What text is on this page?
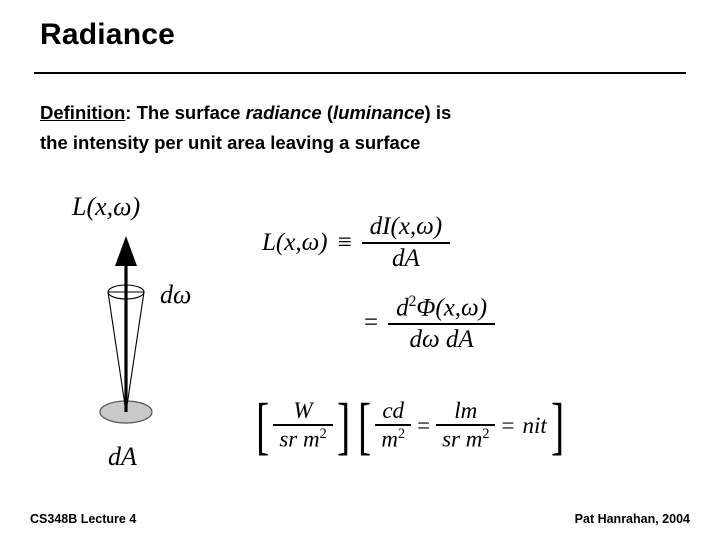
Radiance
Definition: The surface radiance (luminance) is
the intensity per unit area leaving a surface
L(x,ω)
dω
dA
$L(x,\omega) \equiv \frac{dI(x,\omega)}{dA}$
= $\frac{d^2\Phi(x,\omega)}{\text{dω dA}}$
[ $\frac{W}{sr m^2}$ ] [ $\frac{cd}{m^2} = \frac{lm}{sr m^2}$ = nit ]
CS348B Lecture 4	Pat Hanrahan, 2004
